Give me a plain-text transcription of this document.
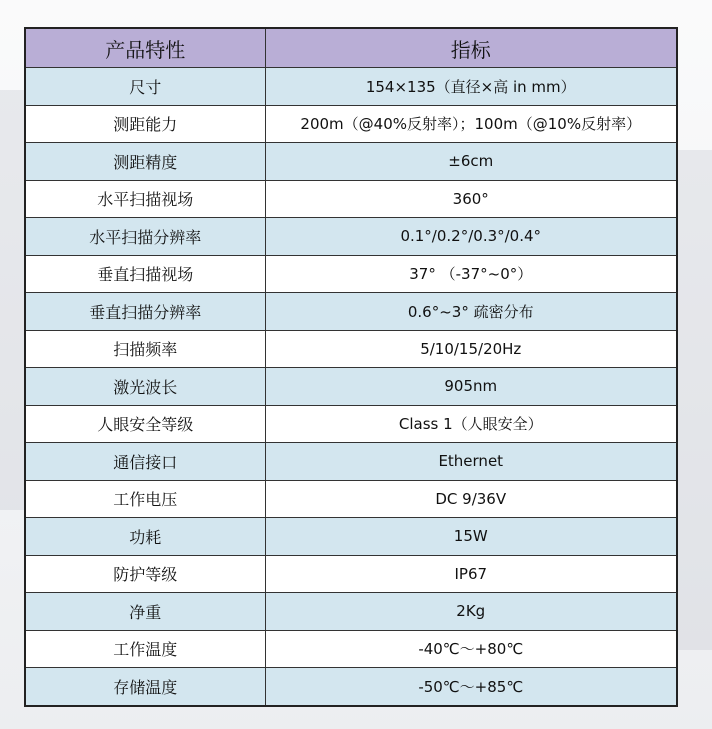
产品特性	指标
尺寸	154×135（直径×高 in mm）
测距能力	200m（@40%反射率）；100m（@10%反射率）
测距精度	±6cm
水平扫描视场	360°
水平扫描分辨率	0.1°/0.2°/0.3°/0.4°
垂直扫描视场	37° （-37°~0°）
垂直扫描分辨率	0.6°~3° 疏密分布
扫描频率	5/10/15/20Hz
激光波长	905nm
人眼安全等级	Class 1（人眼安全）
通信接口	Ethernet
工作电压	DC 9/36V
功耗	15W
防护等级	IP67
净重	2Kg
工作温度	-40℃～+80℃
存储温度	-50℃～+85℃
